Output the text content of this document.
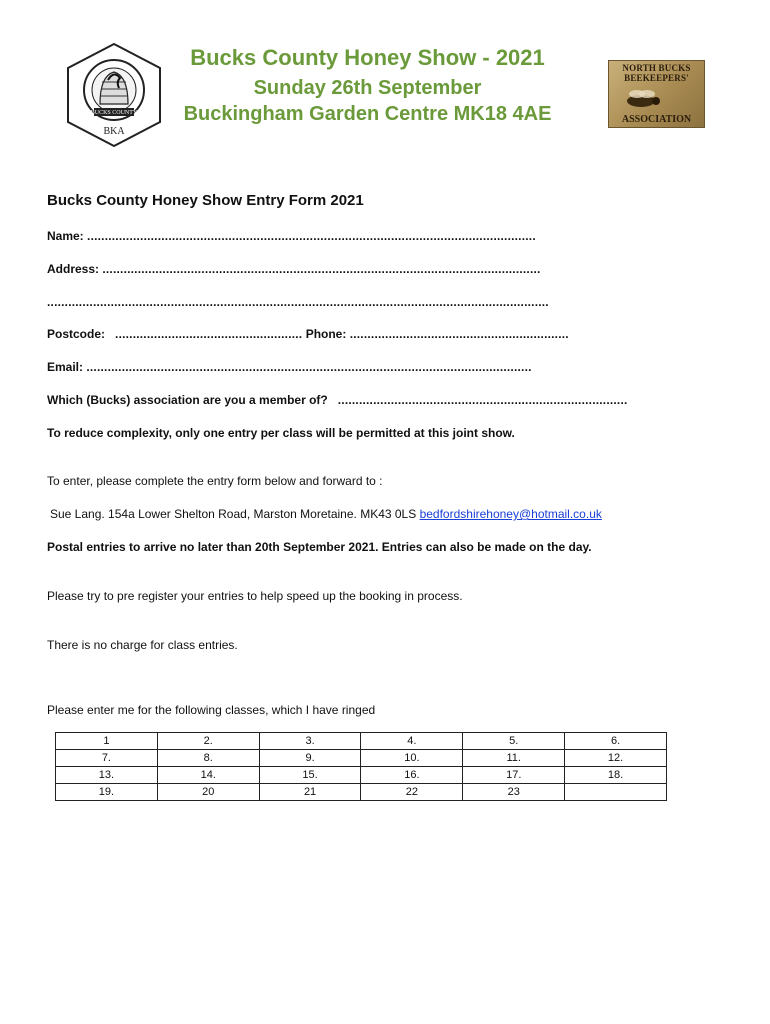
BUCKS COUNTY
BKA
Bucks County Honey Show - 2021
Sunday 26th September
Buckingham Garden Centre MK18 4AE
NORTH BUCKS BEEKEEPERS'
ASSOCIATION
Bucks County Honey Show Entry Form 2021
Name: ...............................................................................................................................
Address: ............................................................................................................................
..............................................................................................................................................
Postcode: ..................................................... Phone: ..............................................................
Email: ..............................................................................................................................
Which (Bucks) association are you a member of? ..................................................................................
To reduce complexity, only one entry per class will be permitted at this joint show.
To enter, please complete the entry form below and forward to :
Sue Lang. 154a Lower Shelton Road, Marston Moretaine. MK43 0LS bedfordshirehoney@hotmail.co.uk
Postal entries to arrive no later than 20th September 2021. Entries can also be made on the day.
Please try to pre register your entries to help speed up the booking in process.
There is no charge for class entries.
Please enter me for the following classes, which I have ringed
1	2.	3.	4.	5.	6.
7.	8.	9.	10.	11.	12.
13.	14.	15.	16.	17.	18.
19.	20	21	22	23	
